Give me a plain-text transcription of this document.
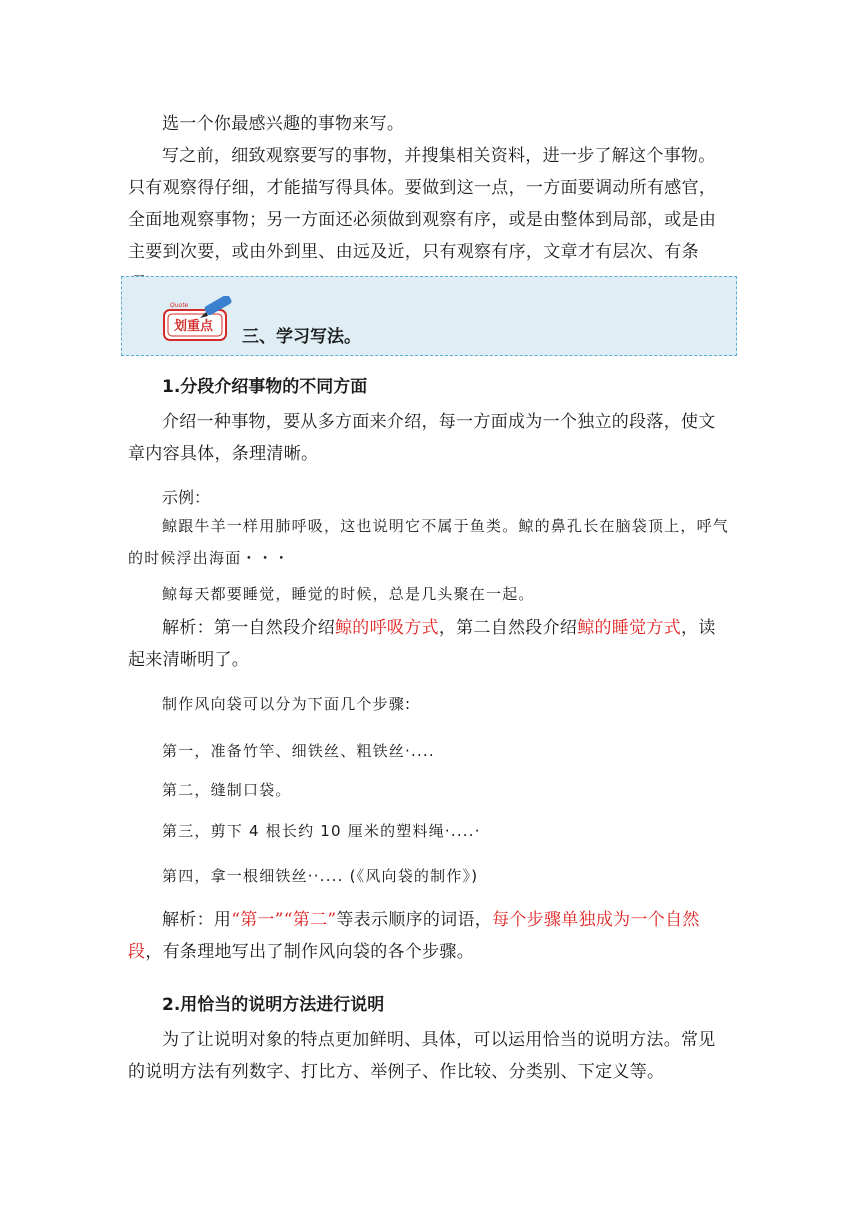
选一个你最感兴趣的事物来写。

写之前，细致观察要写的事物，并搜集相关资料，进一步了解这个事物。只有观察得仔细，才能描写得具体。要做到这一点，一方面要调动所有感官，全面地观察事物；另一方面还必须做到观察有序，或是由整体到局部，或是由主要到次要，或由外到里、由远及近，只有观察有序，文章才有层次、有条

Quote
划重点
三、学习写法。
1.分段介绍事物的不同方面

介绍一种事物，要从多方面来介绍，每一方面成为一个独立的段落，使文章内容具体，条理清晰。

示例：

鲸跟牛羊一样用肺呼吸，这也说明它不属于鱼类。鲸的鼻孔长在脑袋顶上，呼气的时候浮出海面・・・

鲸每天都要睡觉，睡觉的时候，总是几头聚在一起。

解析：第一自然段介绍鲸的呼吸方式，第二自然段介绍鲸的睡觉方式，读起来清晰明了。

制作风向袋可以分为下面几个步骤:
第一，准备竹竿、细铁丝、粗铁丝·....
第二，缝制口袋。
第三，剪下 4 根长约 10 厘米的塑料绳·....·
第四，拿一根细铁丝··.... (《风向袋的制作》)

解析：用“第一”“第二”等表示顺序的词语，每个步骤单独成为一个自然段，有条理地写出了制作风向袋的各个步骤。

2.用恰当的说明方法进行说明

为了让说明对象的特点更加鲜明、具体，可以运用恰当的说明方法。常见的说明方法有列数字、打比方、举例子、作比较、分类别、下定义等。
